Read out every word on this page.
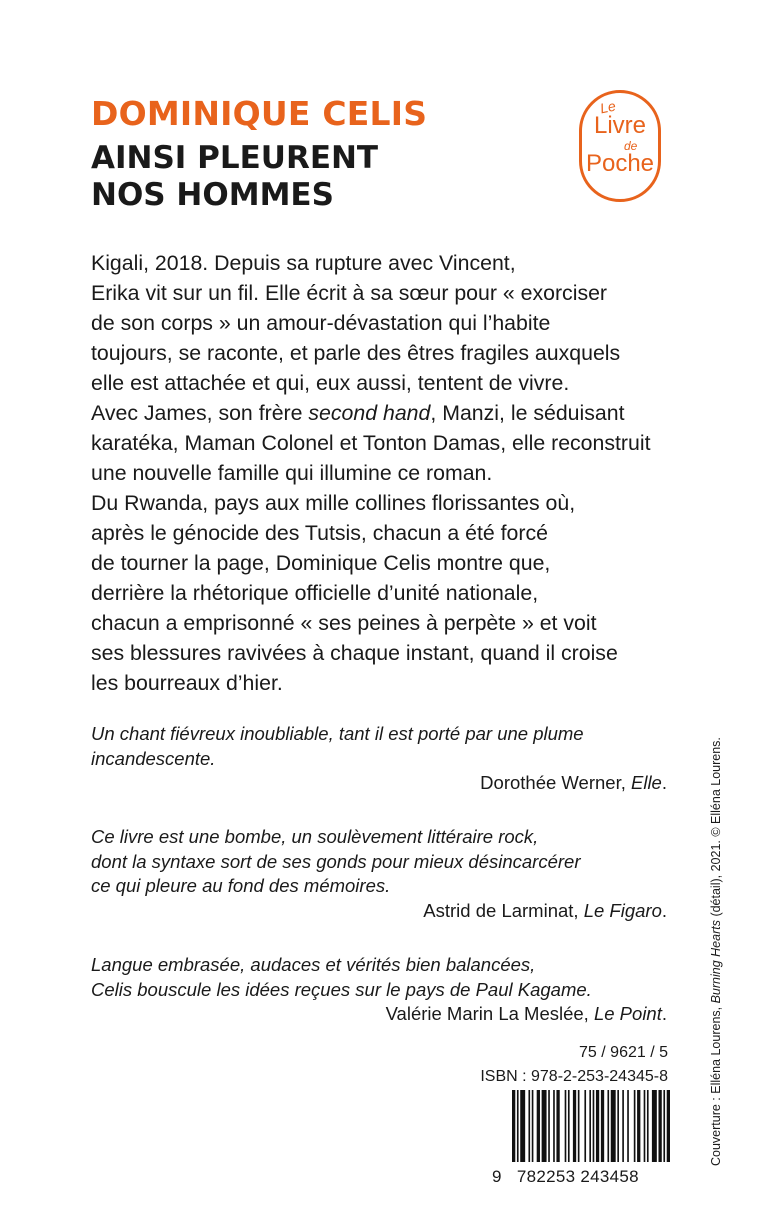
DOMINIQUE CELIS
AINSI PLEURENT
NOS HOMMES
Le
Livre
de
Poche

Kigali, 2018. Depuis sa rupture avec Vincent,

Erika vit sur un fil. Elle écrit à sa sœur pour « exorciser

de son corps » un amour-dévastation qui l’habite

toujours, se raconte, et parle des êtres fragiles auxquels

elle est attachée et qui, eux aussi, tentent de vivre.

Avec James, son frère second hand, Manzi, le séduisant

karatéka, Maman Colonel et Tonton Damas, elle reconstruit

une nouvelle famille qui illumine ce roman.

Du Rwanda, pays aux mille collines florissantes où,

après le génocide des Tutsis, chacun a été forcé

de tourner la page, Dominique Celis montre que,

derrière la rhétorique officielle d’unité nationale,

chacun a emprisonné « ses peines à perpète » et voit

ses blessures ravivées à chaque instant, quand il croise

les bourreaux d’hier.

Un chant fiévreux inoubliable, tant il est porté par une plume

incandescente.

Dorothée Werner, Elle.

Ce livre est une bombe, un soulèvement littéraire rock,

dont la syntaxe sort de ses gonds pour mieux désincarcérer

ce qui pleure au fond des mémoires.

Astrid de Larminat, Le Figaro.

Langue embrasée, audaces et vérités bien balancées,

Celis bouscule les idées reçues sur le pays de Paul Kagame.

Valérie Marin La Meslée, Le Point.

75 / 9621 / 5
ISBN : 978-2-253-24345-8
9 782253 243458
Couverture : Elléna Lourens, Burning Hearts (détail), 2021. © Elléna Lourens.
